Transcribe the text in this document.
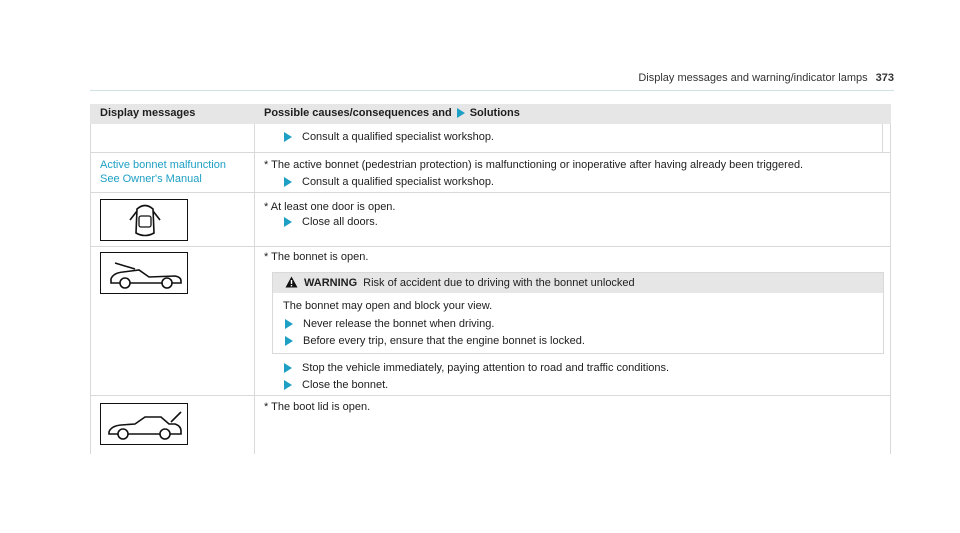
Display messages and warning/indicator lamps 373
Display messages	Possible causes/consequences and Solutions
Consult a qualified specialist workshop.
Active bonnet malfunction
See Owner's Manual
* The active bonnet (pedestrian protection) is malfunctioning or inoperative after having already been triggered.
Consult a qualified specialist workshop.
* At least one door is open.
Close all doors.
* The bonnet is open.
WARNING Risk of accident due to driving with the bonnet unlocked
The bonnet may open and block your view.
Never release the bonnet when driving.
Before every trip, ensure that the engine bonnet is locked.
Stop the vehicle immediately, paying attention to road and traffic conditions.
Close the bonnet.
* The boot lid is open.
